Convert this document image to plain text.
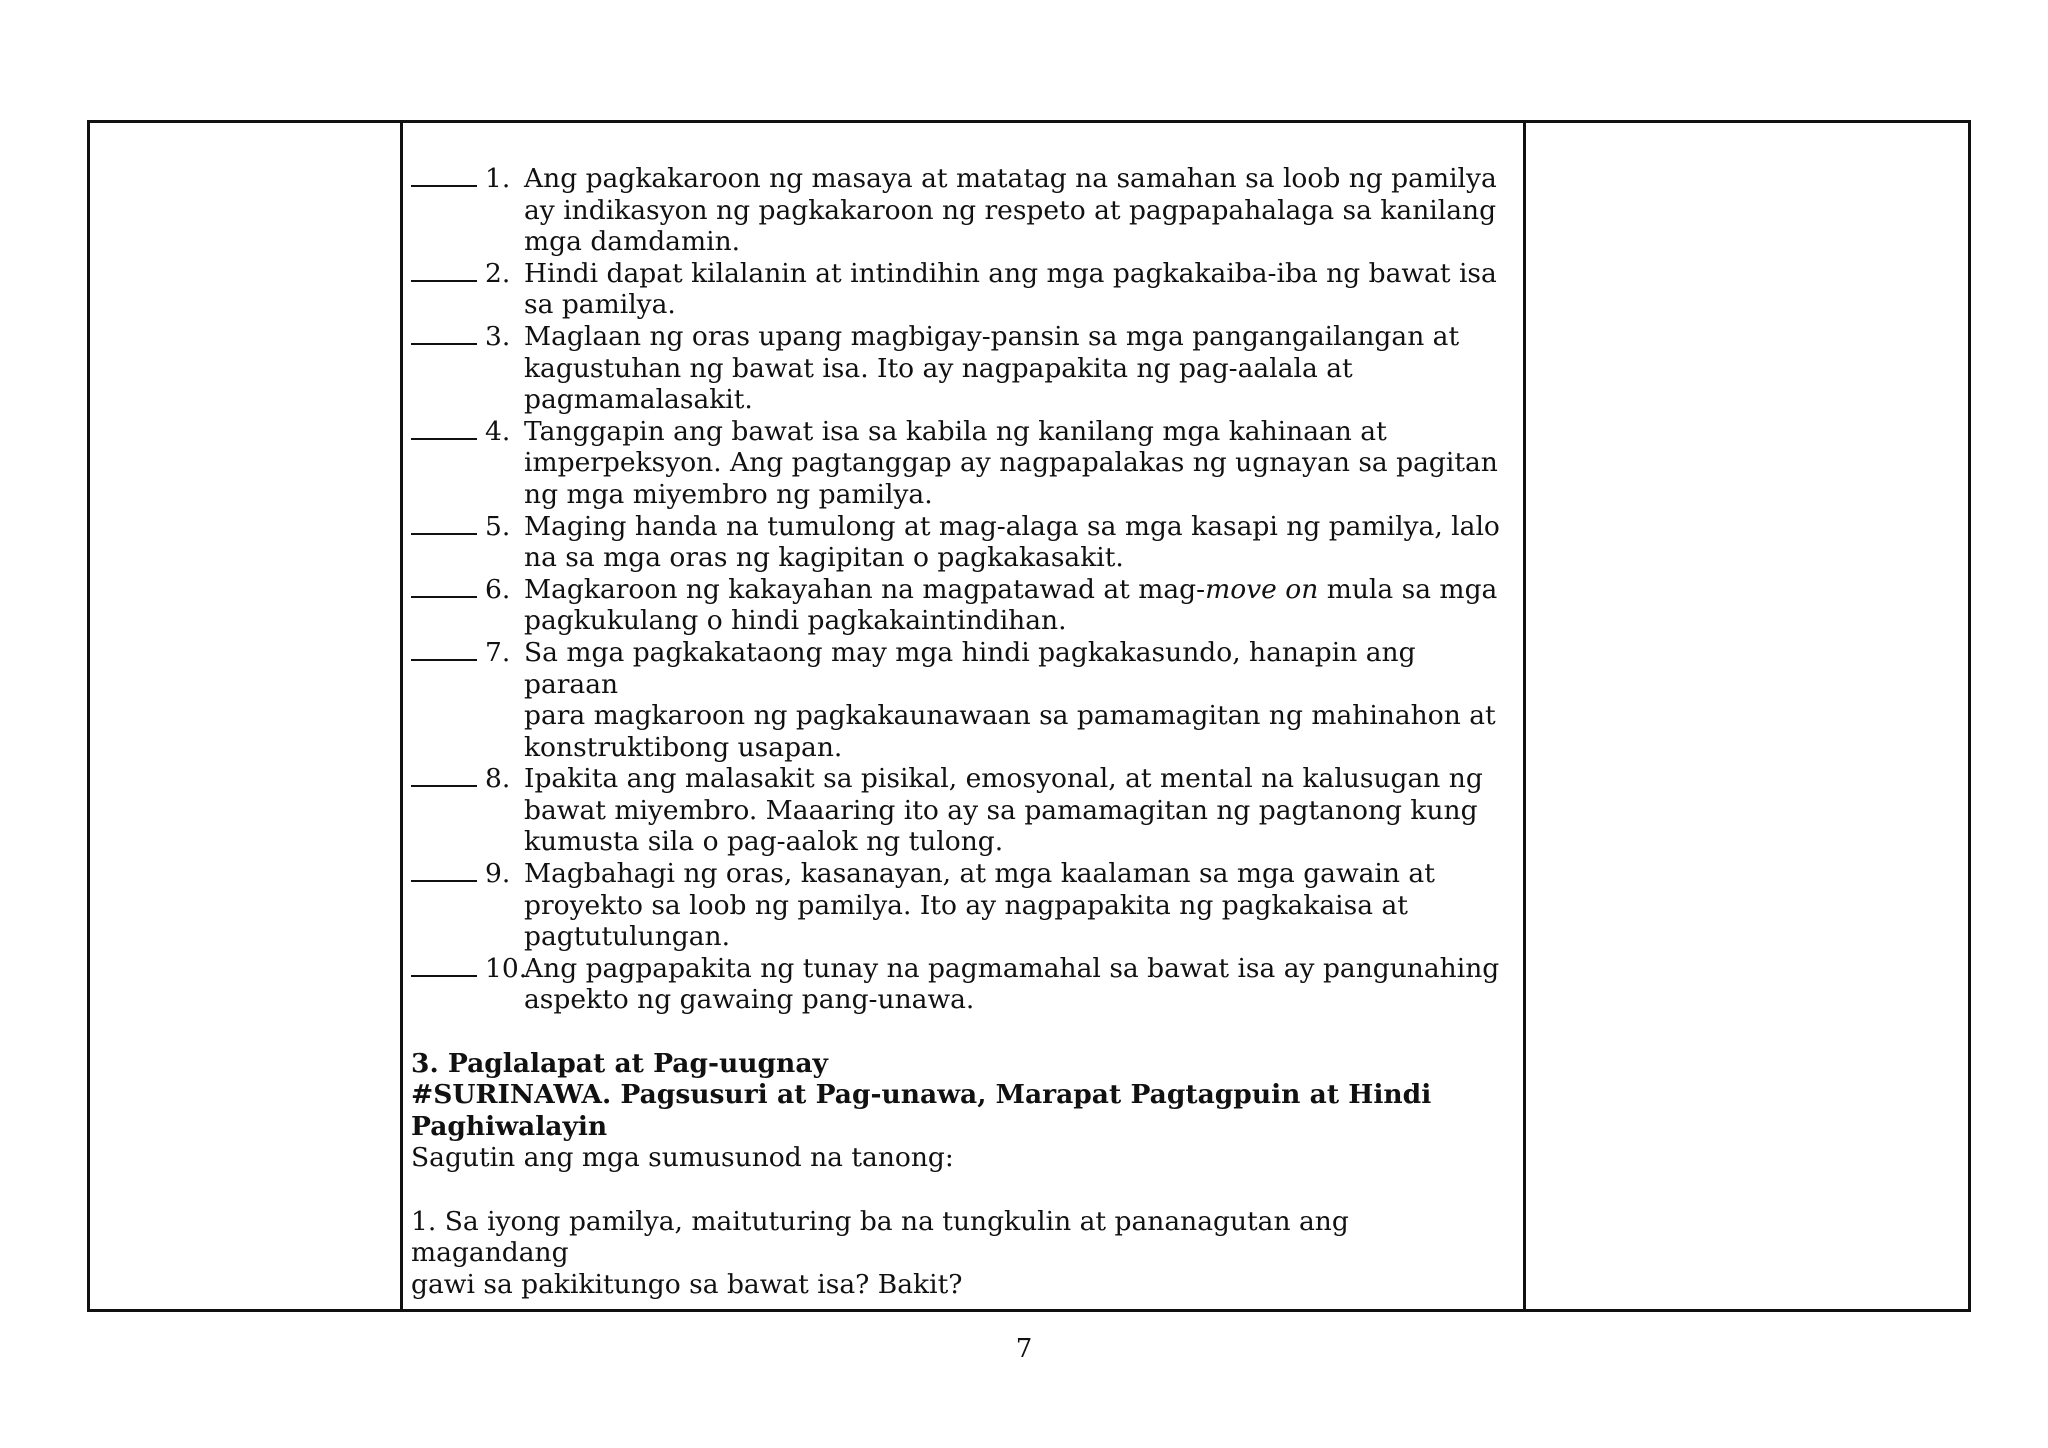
1. Ang pagkakaroon ng masaya at matatag na samahan sa loob ng pamilya
ay indikasyon ng pagkakaroon ng respeto at pagpapahalaga sa kanilang
mga damdamin.
2. Hindi dapat kilalanin at intindihin ang mga pagkakaiba-iba ng bawat isa
sa pamilya.
3. Maglaan ng oras upang magbigay-pansin sa mga pangangailangan at
kagustuhan ng bawat isa. Ito ay nagpapakita ng pag-aalala at
pagmamalasakit.
4. Tanggapin ang bawat isa sa kabila ng kanilang mga kahinaan at
imperpeksyon. Ang pagtanggap ay nagpapalakas ng ugnayan sa pagitan
ng mga miyembro ng pamilya.
5. Maging handa na tumulong at mag-alaga sa mga kasapi ng pamilya, lalo
na sa mga oras ng kagipitan o pagkakasakit.
6. Magkaroon ng kakayahan na magpatawad at mag-move on mula sa mga
pagkukulang o hindi pagkakaintindihan.
7. Sa mga pagkakataong may mga hindi pagkakasundo, hanapin ang paraan
para magkaroon ng pagkakaunawaan sa pamamagitan ng mahinahon at
konstruktibong usapan.
8. Ipakita ang malasakit sa pisikal, emosyonal, at mental na kalusugan ng
bawat miyembro. Maaaring ito ay sa pamamagitan ng pagtanong kung
kumusta sila o pag-aalok ng tulong.
9. Magbahagi ng oras, kasanayan, at mga kaalaman sa mga gawain at
proyekto sa loob ng pamilya. Ito ay nagpapakita ng pagkakaisa at
pagtutulungan.
10.
Ang pagpapakita ng tunay na pagmamahal sa bawat isa ay pangunahing
aspekto ng gawaing pang-unawa.
3. Paglalapat at Pag-uugnay
#SURINAWA. Pagsusuri at Pag-unawa, Marapat Pagtagpuin at Hindi
Paghiwalayin
Sagutin ang mga sumusunod na tanong:
1. Sa iyong pamilya, maituturing ba na tungkulin at pananagutan ang magandang
gawi sa pakikitungo sa bawat isa? Bakit?
7
